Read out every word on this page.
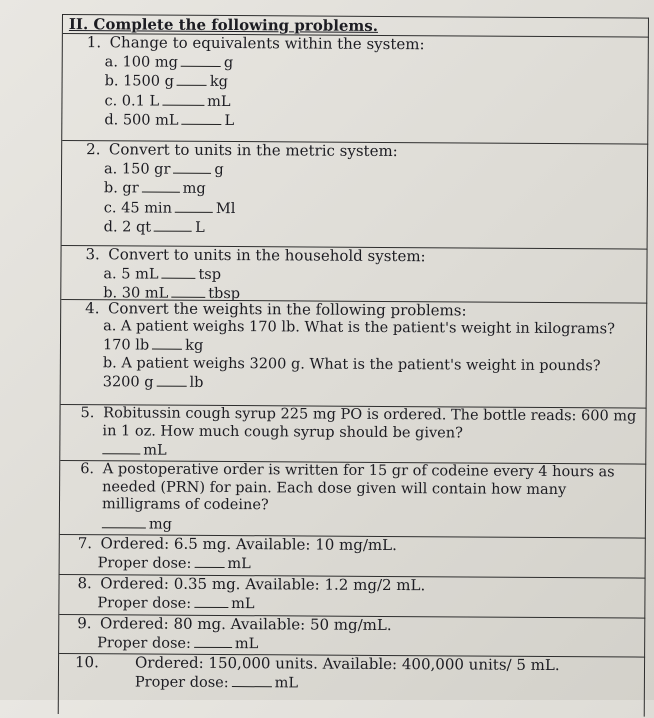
II. Complete the following problems.
1. Change to equivalents within the system:
a. 100 mg	g
b. 1500 g kg
c. 0.1 L	mL
d. 500 mL	L
2. Convert to units in the metric system:
a. 150 gr	g
b. gr	mg
c. 45 min	Ml
d. 2 qt	L
3. Convert to units in the household system:
a. 5 mL	tsp
b. 30 mL	tbsp
4. Convert the weights in the following problems:
a. A patient weighs 170 lb. What is the patient's weight in kilograms?
170 lb kg
b. A patient weighs 3200 g. What is the patient's weight in pounds?
3200 g lb
5. Robitussin cough syrup 225 mg PO is ordered. The bottle reads: 600 mg in 1 oz. How much cough syrup should be given?
mL
6. A postoperative order is written for 15 gr of codeine every 4 hours as needed (PRN) for pain. Each dose given will contain how many milligrams of codeine?
mg
7. Ordered: 6.5 mg. Available: 10 mg/mL.
Proper dose: mL
8. Ordered: 0.35 mg. Available: 1.2 mg/2 mL.
Proper dose:	mL
9. Ordered: 80 mg. Available: 50 mg/mL.
Proper dose:	mL
10. Ordered: 150,000 units. Available: 400,000 units/ 5 mL.
Proper dose:	mL
